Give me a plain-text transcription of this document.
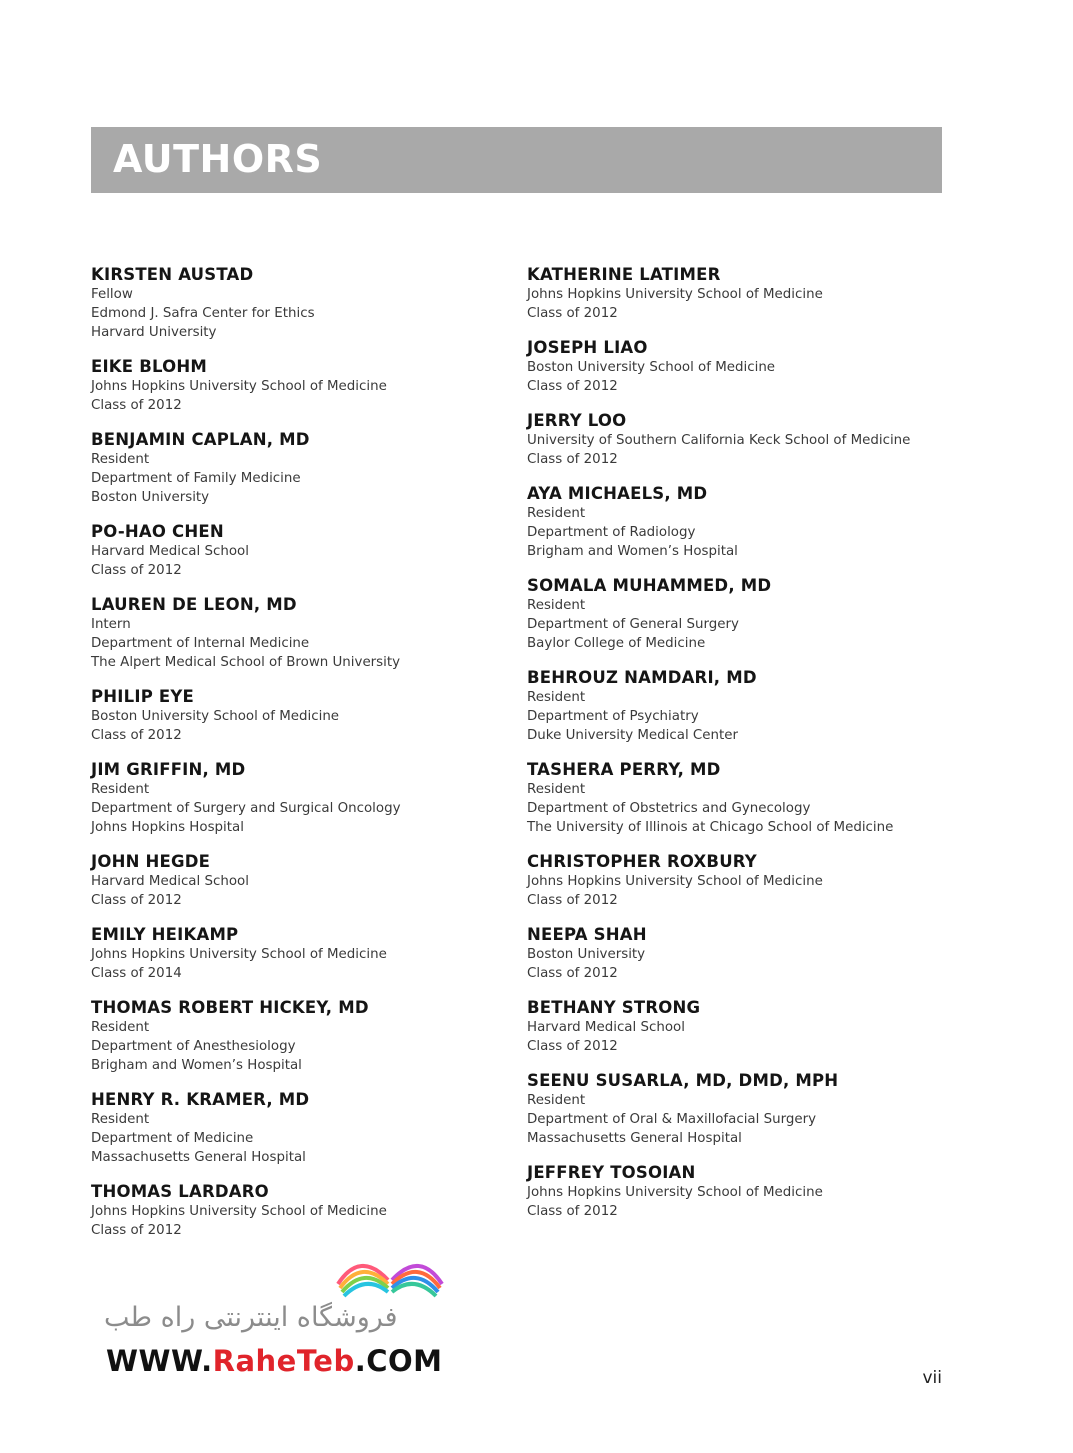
AUTHORS
KIRSTEN AUSTAD
Fellow
Edmond J. Safra Center for Ethics
Harvard University
EIKE BLOHM
Johns Hopkins University School of Medicine
Class of 2012
BENJAMIN CAPLAN, MD
Resident
Department of Family Medicine
Boston University
PO-HAO CHEN
Harvard Medical School
Class of 2012
LAUREN DE LEON, MD
Intern
Department of Internal Medicine
The Alpert Medical School of Brown University
PHILIP EYE
Boston University School of Medicine
Class of 2012
JIM GRIFFIN, MD
Resident
Department of Surgery and Surgical Oncology
Johns Hopkins Hospital
JOHN HEGDE
Harvard Medical School
Class of 2012
EMILY HEIKAMP
Johns Hopkins University School of Medicine
Class of 2014
THOMAS ROBERT HICKEY, MD
Resident
Department of Anesthesiology
Brigham and Women’s Hospital
HENRY R. KRAMER, MD
Resident
Department of Medicine
Massachusetts General Hospital
THOMAS LARDARO
Johns Hopkins University School of Medicine
Class of 2012
KATHERINE LATIMER
Johns Hopkins University School of Medicine
Class of 2012
JOSEPH LIAO
Boston University School of Medicine
Class of 2012
JERRY LOO
University of Southern California Keck School of Medicine
Class of 2012
AYA MICHAELS, MD
Resident
Department of Radiology
Brigham and Women’s Hospital
SOMALA MUHAMMED, MD
Resident
Department of General Surgery
Baylor College of Medicine
BEHROUZ NAMDARI, MD
Resident
Department of Psychiatry
Duke University Medical Center
TASHERA PERRY, MD
Resident
Department of Obstetrics and Gynecology
The University of Illinois at Chicago School of Medicine
CHRISTOPHER ROXBURY
Johns Hopkins University School of Medicine
Class of 2012
NEEPA SHAH
Boston University
Class of 2012
BETHANY STRONG
Harvard Medical School
Class of 2012
SEENU SUSARLA, MD, DMD, MPH
Resident
Department of Oral & Maxillofacial Surgery
Massachusetts General Hospital
JEFFREY TOSOIAN
Johns Hopkins University School of Medicine
Class of 2012
فروشگاه اینترنتی راه طب
WWW.RaheTeb.COM	vii
